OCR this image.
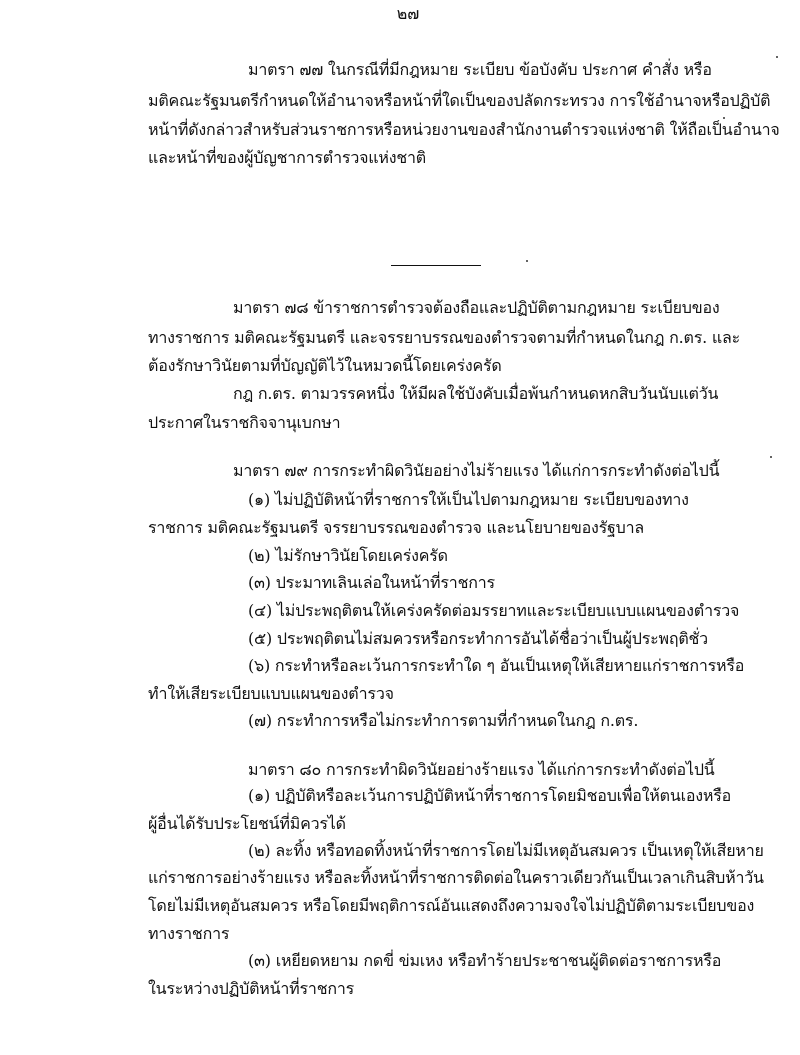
๒๗
มาตรา ๗๗ ในกรณีที่มีกฎหมาย ระเบียบ ข้อบังคับ ประกาศ คำสั่ง หรือ
มติคณะรัฐมนตรีกำหนดให้อำนาจหรือหน้าที่ใดเป็นของปลัดกระทรวง การใช้อำนาจหรือปฏิบัติ
หน้าที่ดังกล่าวสำหรับส่วนราชการหรือหน่วยงานของสำนักงานตำรวจแห่งชาติ ให้ถือเป็นอำนาจ
และหน้าที่ของผู้บัญชาการตำรวจแห่งชาติ
มาตรา ๗๘ ข้าราชการตำรวจต้องถือและปฏิบัติตามกฎหมาย ระเบียบของ
ทางราชการ มติคณะรัฐมนตรี และจรรยาบรรณของตำรวจตามที่กำหนดในกฎ ก.ตร. และ
ต้องรักษาวินัยตามที่บัญญัติไว้ในหมวดนี้โดยเคร่งครัด
กฎ ก.ตร. ตามวรรคหนึ่ง ให้มีผลใช้บังคับเมื่อพ้นกำหนดหกสิบวันนับแต่วัน
ประกาศในราชกิจจานุเบกษา
มาตรา ๗๙ การกระทำผิดวินัยอย่างไม่ร้ายแรง ได้แก่การกระทำดังต่อไปนี้
(๑) ไม่ปฏิบัติหน้าที่ราชการให้เป็นไปตามกฎหมาย ระเบียบของทาง
ราชการ มติคณะรัฐมนตรี จรรยาบรรณของตำรวจ และนโยบายของรัฐบาล
(๒) ไม่รักษาวินัยโดยเคร่งครัด
(๓) ประมาทเลินเล่อในหน้าที่ราชการ
(๔) ไม่ประพฤติตนให้เคร่งครัดต่อมรรยาทและระเบียบแบบแผนของตำรวจ
(๕) ประพฤติตนไม่สมควรหรือกระทำการอันได้ชื่อว่าเป็นผู้ประพฤติชั่ว
(๖) กระทำหรือละเว้นการกระทำใด ๆ อันเป็นเหตุให้เสียหายแก่ราชการหรือ
ทำให้เสียระเบียบแบบแผนของตำรวจ
(๗) กระทำการหรือไม่กระทำการตามที่กำหนดในกฎ ก.ตร.
มาตรา ๘๐ การกระทำผิดวินัยอย่างร้ายแรง ได้แก่การกระทำดังต่อไปนี้
(๑) ปฏิบัติหรือละเว้นการปฏิบัติหน้าที่ราชการโดยมิชอบเพื่อให้ตนเองหรือ
ผู้อื่นได้รับประโยชน์ที่มิควรได้
(๒) ละทิ้ง หรือทอดทิ้งหน้าที่ราชการโดยไม่มีเหตุอันสมควร เป็นเหตุให้เสียหาย
แก่ราชการอย่างร้ายแรง หรือละทิ้งหน้าที่ราชการติดต่อในคราวเดียวกันเป็นเวลาเกินสิบห้าวัน
โดยไม่มีเหตุอันสมควร หรือโดยมีพฤติการณ์อันแสดงถึงความจงใจไม่ปฏิบัติตามระเบียบของ
ทางราชการ
(๓) เหยียดหยาม กดขี่ ข่มเหง หรือทำร้ายประชาชนผู้ติดต่อราชการหรือ
ในระหว่างปฏิบัติหน้าที่ราชการ
